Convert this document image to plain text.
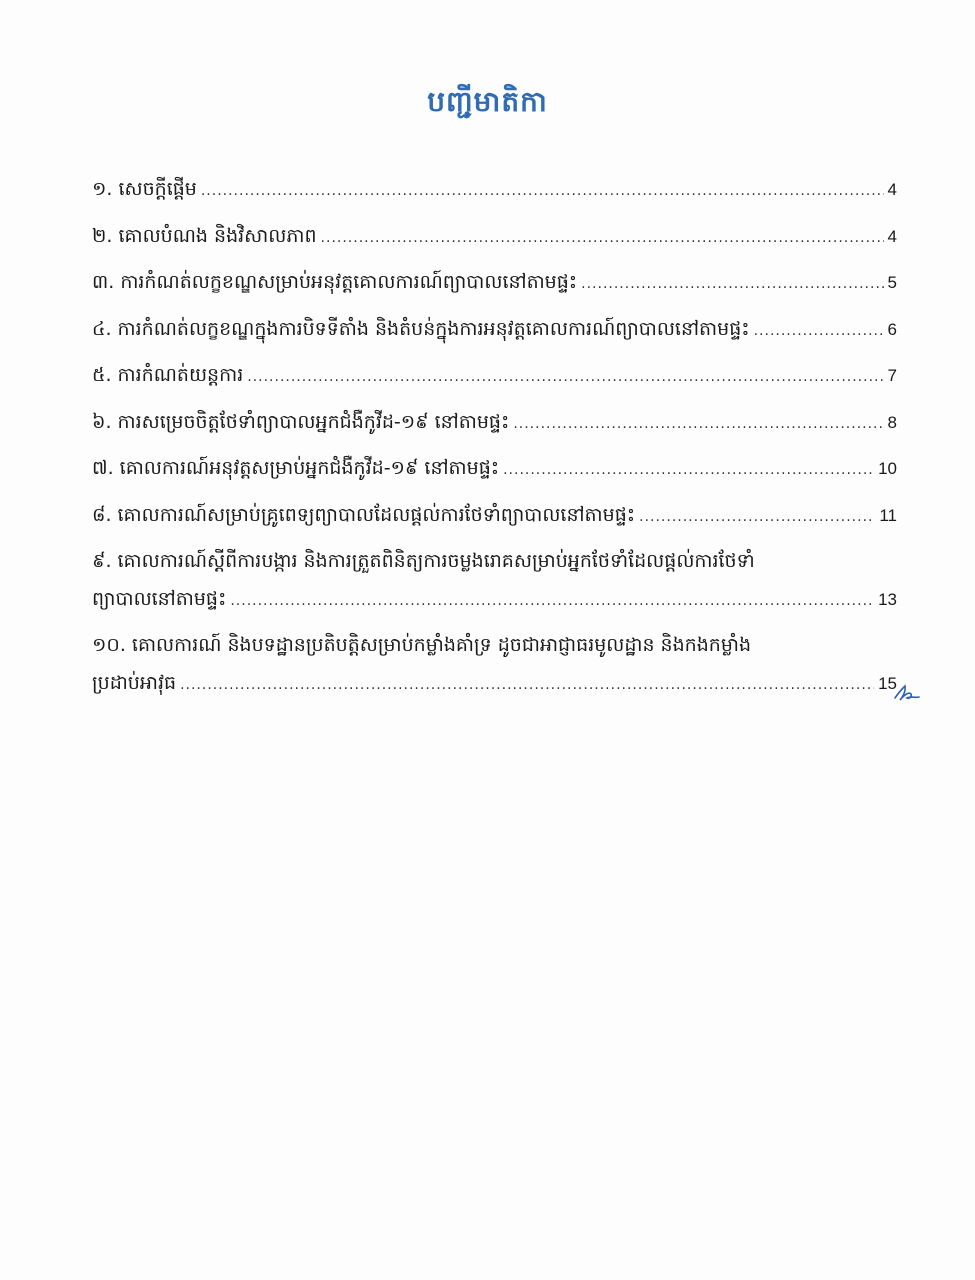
បញ្ជីមាតិកា
១. សេចក្តីផ្តើម .....	4
២. គោលបំណង និងវិសាលភាព .....	4
៣. ការកំណត់លក្ខខណ្ឌសម្រាប់អនុវត្តគោលការណ៍ព្យាបាលនៅតាមផ្ទះ .....	5
៤. ការកំណត់លក្ខខណ្ឌក្នុងការបិទទីតាំង និងតំបន់ក្នុងការអនុវត្តគោលការណ៍ព្យាបាលនៅតាមផ្ទះ .....	6
៥. ការកំណត់យន្តការ .....	7
៦. ការសម្រេចចិត្តថែទាំព្យាបាលអ្នកជំងឺកូវីដ-១៩ នៅតាមផ្ទះ .....	8
៧. គោលការណ៍អនុវត្តសម្រាប់អ្នកជំងឺកូវីដ-១៩ នៅតាមផ្ទះ .....	10
៨. គោលការណ៍សម្រាប់គ្រូពេទ្យព្យាបាលដែលផ្តល់ការថែទាំព្យាបាលនៅតាមផ្ទះ .....	11
៩. គោលការណ៍ស្តីពីការបង្ការ និងការត្រួតពិនិត្យការចម្លងរោគសម្រាប់អ្នកថែទាំដែលផ្តល់ការថែទាំ
ព្យាបាលនៅតាមផ្ទះ .....	13
១០. គោលការណ៍ និងបទដ្ឋានប្រតិបត្តិសម្រាប់កម្លាំងគាំទ្រ ដូចជាអាជ្ញាធរមូលដ្ឋាន និងកងកម្លាំង
ប្រដាប់អាវុធ .....	15
